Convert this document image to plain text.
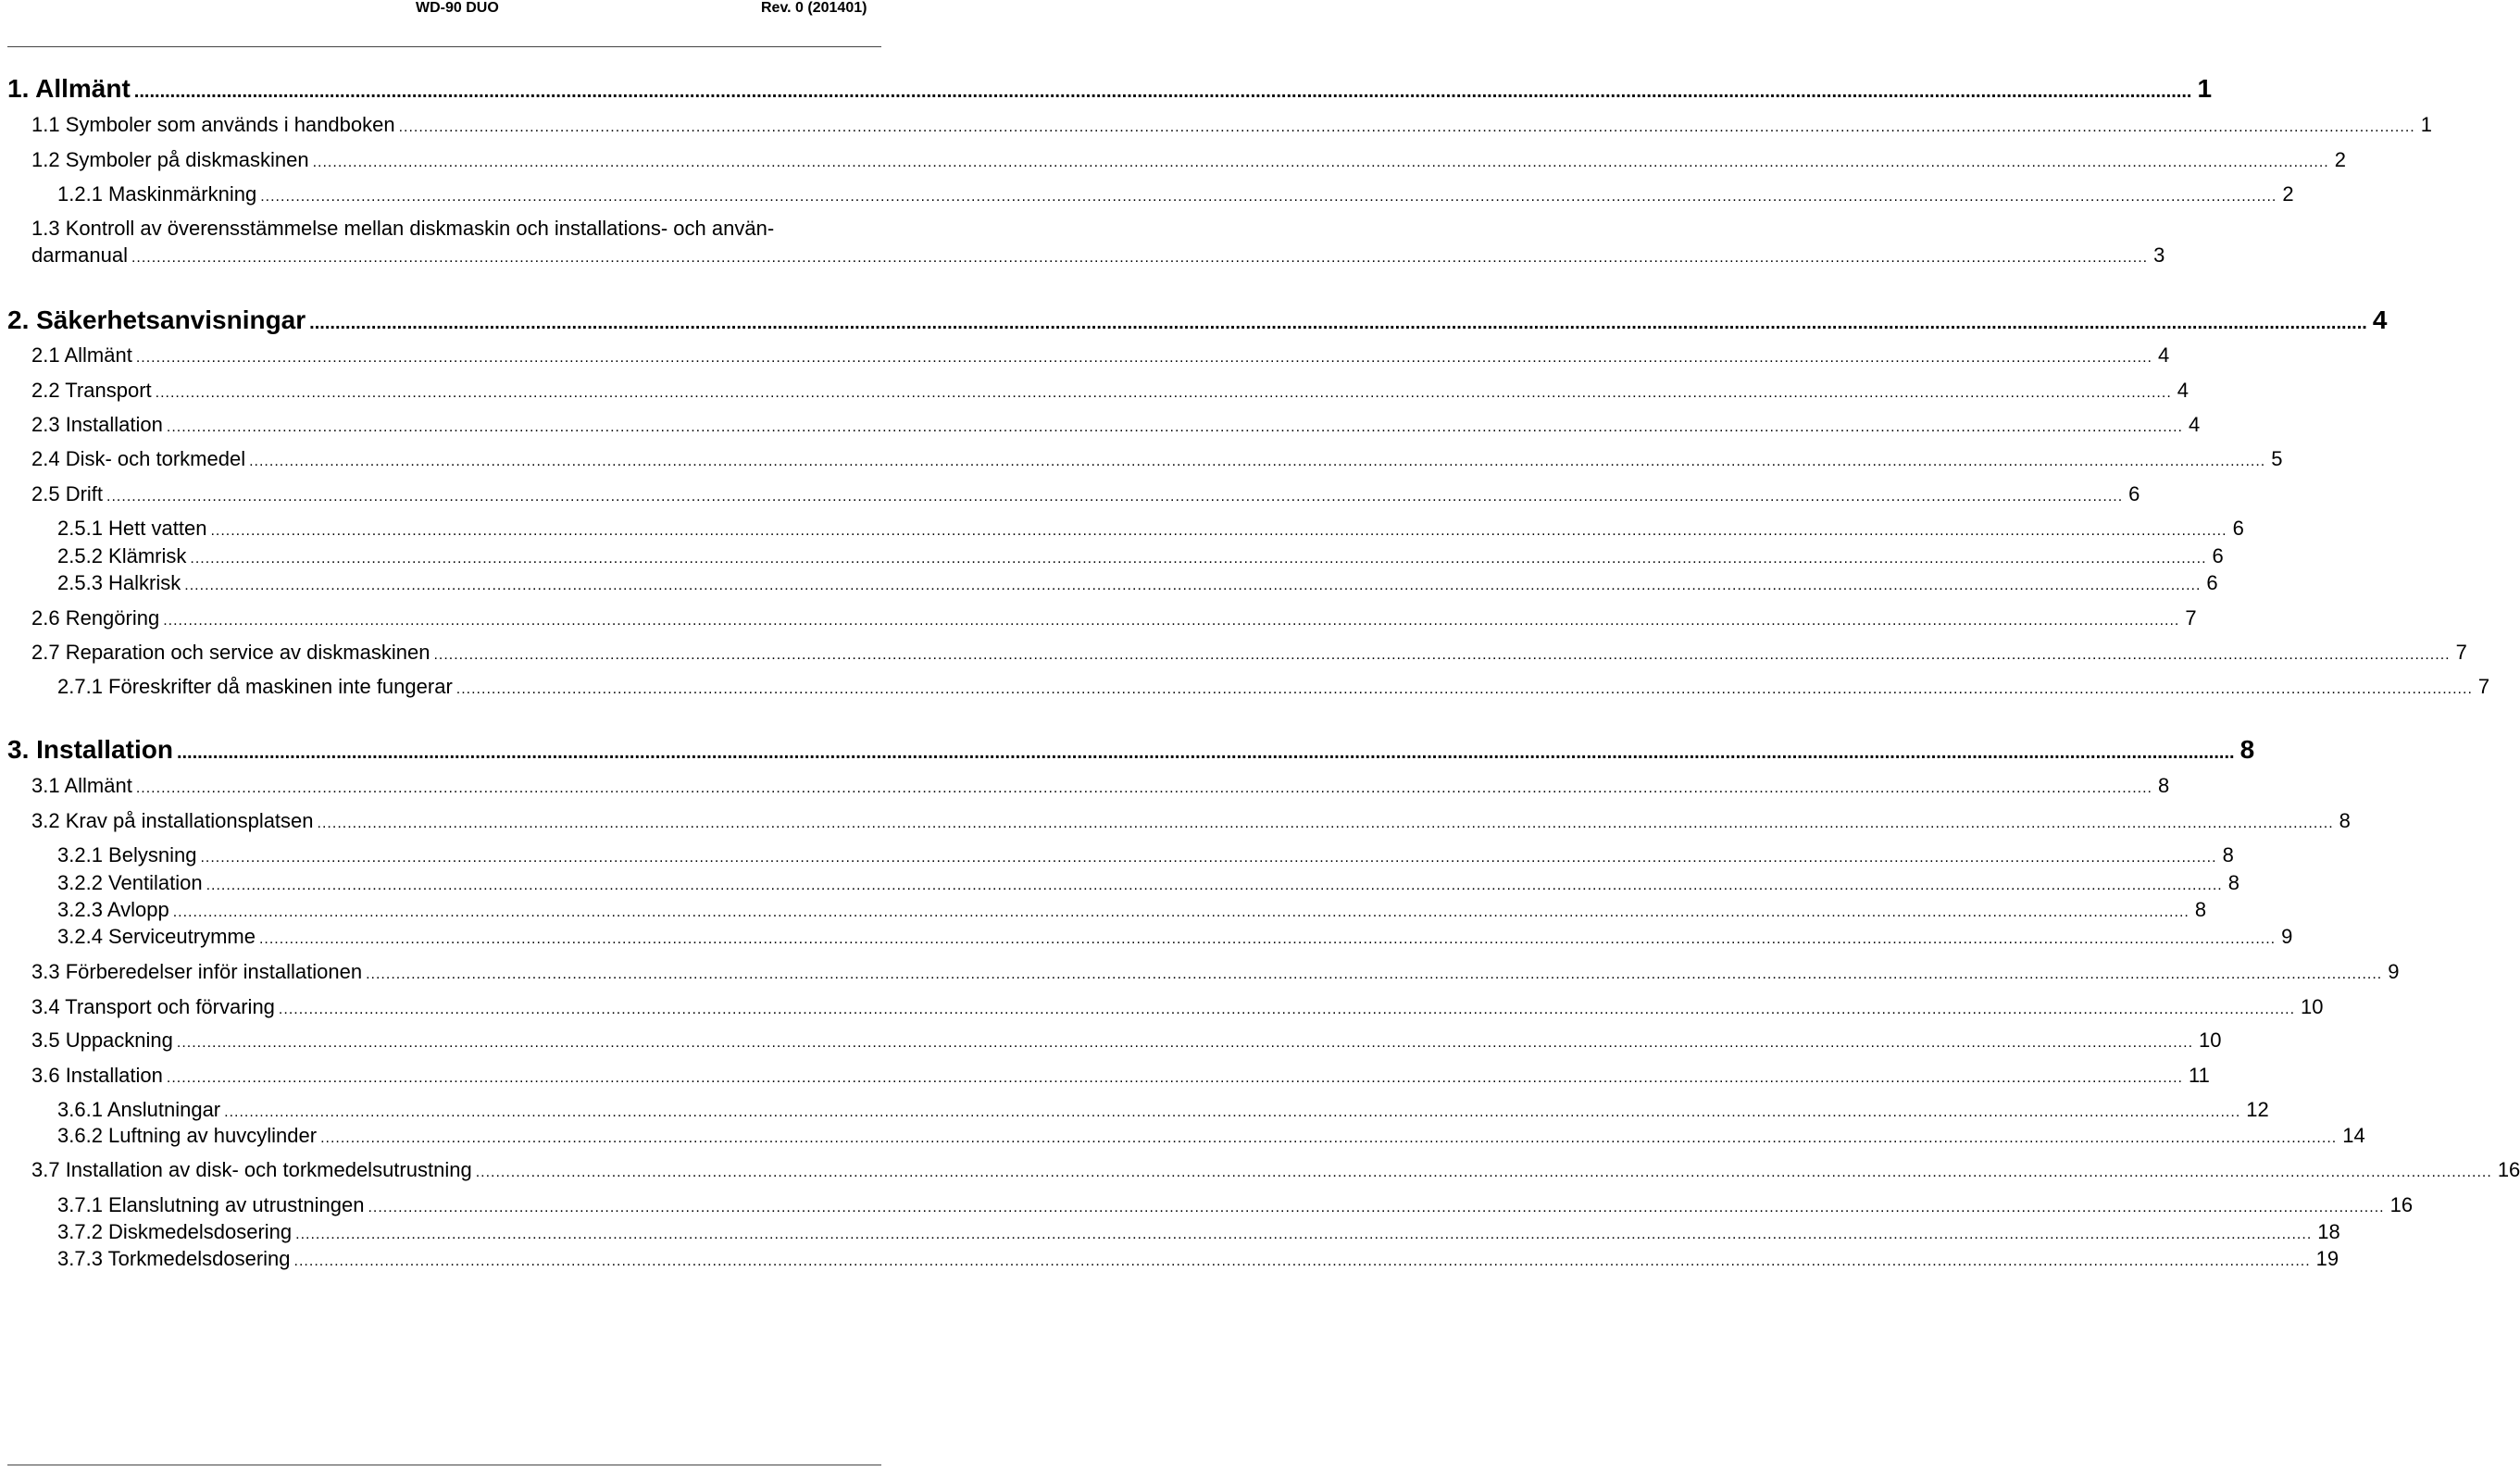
WD-90 DUO	Rev. 0 (201401)
1. Allmänt ................................................................................................................................................................................................................................................................................................................................................................................................................ 1
1.1 Symboler som används i handboken ................................................................................................................................................................................................................................................................................................................................................................................................................ 1
1.2 Symboler på diskmaskinen ................................................................................................................................................................................................................................................................................................................................................................................................................ 2
1.2.1 Maskinmärkning ................................................................................................................................................................................................................................................................................................................................................................................................................ 2
1.3 Kontroll av överensstämmelse mellan diskmaskin och installations- och använ-
darmanual ................................................................................................................................................................................................................................................................................................................................................................................................................ 3
2. Säkerhetsanvisningar ................................................................................................................................................................................................................................................................................................................................................................................................................ 4
2.1 Allmänt ................................................................................................................................................................................................................................................................................................................................................................................................................ 4
2.2 Transport ................................................................................................................................................................................................................................................................................................................................................................................................................ 4
2.3 Installation ................................................................................................................................................................................................................................................................................................................................................................................................................ 4
2.4 Disk- och torkmedel ................................................................................................................................................................................................................................................................................................................................................................................................................ 5
2.5 Drift ................................................................................................................................................................................................................................................................................................................................................................................................................ 6
2.5.1 Hett vatten ................................................................................................................................................................................................................................................................................................................................................................................................................ 6
2.5.2 Klämrisk ................................................................................................................................................................................................................................................................................................................................................................................................................ 6
2.5.3 Halkrisk ................................................................................................................................................................................................................................................................................................................................................................................................................ 6
2.6 Rengöring ................................................................................................................................................................................................................................................................................................................................................................................................................ 7
2.7 Reparation och service av diskmaskinen ................................................................................................................................................................................................................................................................................................................................................................................................................ 7
2.7.1 Föreskrifter då maskinen inte fungerar ................................................................................................................................................................................................................................................................................................................................................................................................................ 7
3. Installation ................................................................................................................................................................................................................................................................................................................................................................................................................ 8
3.1 Allmänt ................................................................................................................................................................................................................................................................................................................................................................................................................ 8
3.2 Krav på installationsplatsen ................................................................................................................................................................................................................................................................................................................................................................................................................ 8
3.2.1 Belysning ................................................................................................................................................................................................................................................................................................................................................................................................................ 8
3.2.2 Ventilation ................................................................................................................................................................................................................................................................................................................................................................................................................ 8
3.2.3 Avlopp ................................................................................................................................................................................................................................................................................................................................................................................................................ 8
3.2.4 Serviceutrymme ................................................................................................................................................................................................................................................................................................................................................................................................................ 9
3.3 Förberedelser inför installationen ................................................................................................................................................................................................................................................................................................................................................................................................................ 9
3.4 Transport och förvaring ................................................................................................................................................................................................................................................................................................................................................................................................................ 10
3.5 Uppackning ................................................................................................................................................................................................................................................................................................................................................................................................................ 10
3.6 Installation ................................................................................................................................................................................................................................................................................................................................................................................................................ 11
3.6.1 Anslutningar ................................................................................................................................................................................................................................................................................................................................................................................................................ 12
3.6.2 Luftning av huvcylinder ................................................................................................................................................................................................................................................................................................................................................................................................................ 14
3.7 Installation av disk- och torkmedelsutrustning ................................................................................................................................................................................................................................................................................................................................................................................................................ 16
3.7.1 Elanslutning av utrustningen ................................................................................................................................................................................................................................................................................................................................................................................................................ 16
3.7.2 Diskmedelsdosering ................................................................................................................................................................................................................................................................................................................................................................................................................ 18
3.7.3 Torkmedelsdosering ................................................................................................................................................................................................................................................................................................................................................................................................................ 19
